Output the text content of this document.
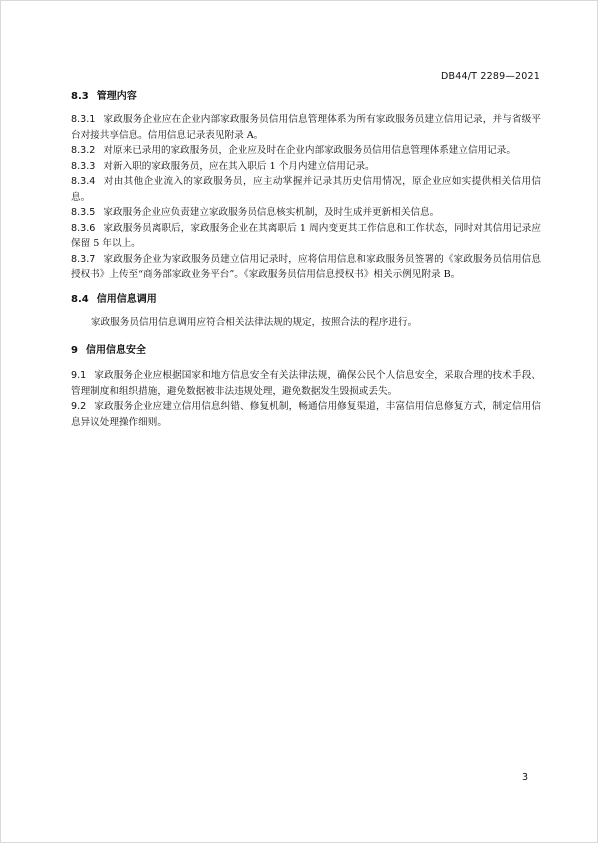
DB44/T 2289—2021
8.3 管理内容

8.3.1 家政服务企业应在企业内部家政服务员信用信息管理体系为所有家政服务员建立信用记录，并与省级平台对接共享信息。信用信息记录表见附录 A。

8.3.2 对原来已录用的家政服务员，企业应及时在企业内部家政服务员信用信息管理体系建立信用记录。

8.3.3 对新入职的家政服务员，应在其入职后 1 个月内建立信用记录。

8.3.4 对由其他企业流入的家政服务员，应主动掌握并记录其历史信用情况，原企业应如实提供相关信用信息。

8.3.5 家政服务企业应负责建立家政服务员信息核实机制，及时生成并更新相关信息。

8.3.6 家政服务员离职后，家政服务企业在其离职后 1 周内变更其工作信息和工作状态，同时对其信用记录应保留 5 年以上。

8.3.7 家政服务企业为家政服务员建立信用记录时，应将信用信息和家政服务员签署的《家政服务员信用信息授权书》上传至“商务部家政业务平台”。《家政服务员信用信息授权书》相关示例见附录 B。

8.4 信用信息调用

家政服务员信用信息调用应符合相关法律法规的规定，按照合法的程序进行。

9 信用信息安全

9.1 家政服务企业应根据国家和地方信息安全有关法律法规，确保公民个人信息安全，采取合理的技术手段、管理制度和组织措施，避免数据被非法违规处理，避免数据发生毁损或丢失。

9.2 家政服务企业应建立信用信息纠错、修复机制，畅通信用修复渠道，丰富信用信息修复方式，制定信用信息异议处理操作细则。

3
